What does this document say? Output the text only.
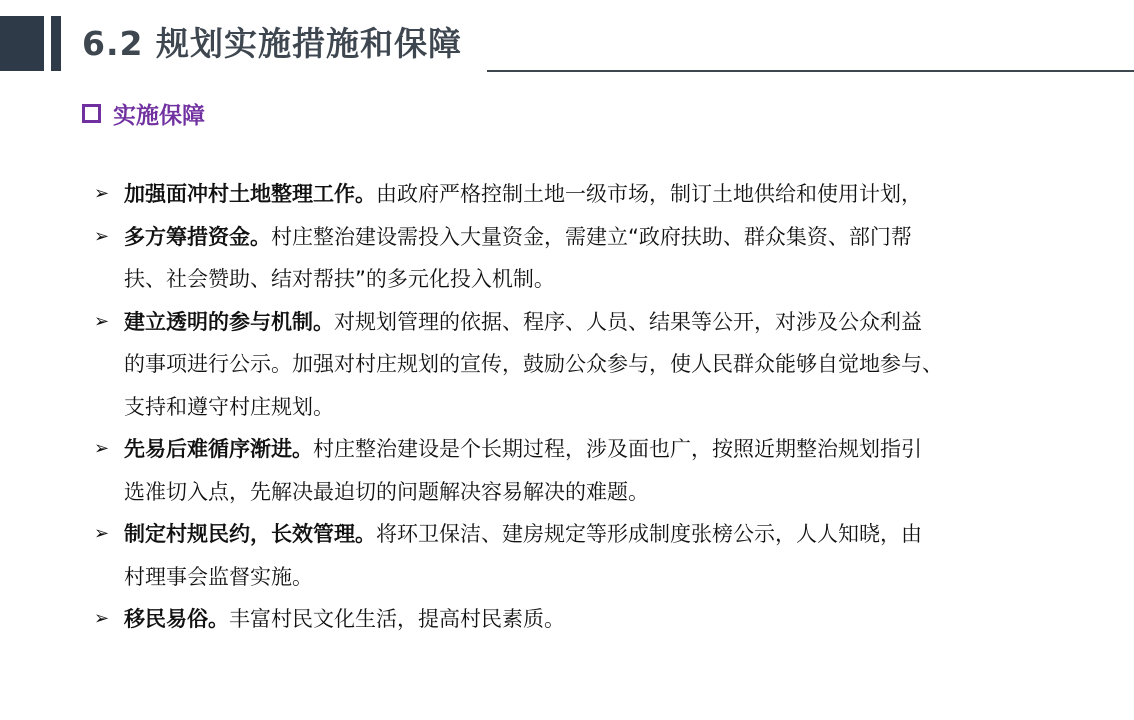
6.2 规划实施措施和保障
实施保障
➢ 加强面冲村土地整理工作。由政府严格控制土地一级市场，制订土地供给和使用计划，
➢ 多方筹措资金。村庄整治建设需投入大量资金，需建立“政府扶助、群众集资、部门帮
扶、社会赞助、结对帮扶”的多元化投入机制。
➢ 建立透明的参与机制。对规划管理的依据、程序、人员、结果等公开，对涉及公众利益
的事项进行公示。加强对村庄规划的宣传，鼓励公众参与，使人民群众能够自觉地参与、
支持和遵守村庄规划。
➢ 先易后难循序渐进。村庄整治建设是个长期过程，涉及面也广，按照近期整治规划指引
选准切入点，先解决最迫切的问题解决容易解决的难题。
➢ 制定村规民约，长效管理。将环卫保洁、建房规定等形成制度张榜公示，人人知晓，由
村理事会监督实施。
➢ 移民易俗。丰富村民文化生活，提高村民素质。
